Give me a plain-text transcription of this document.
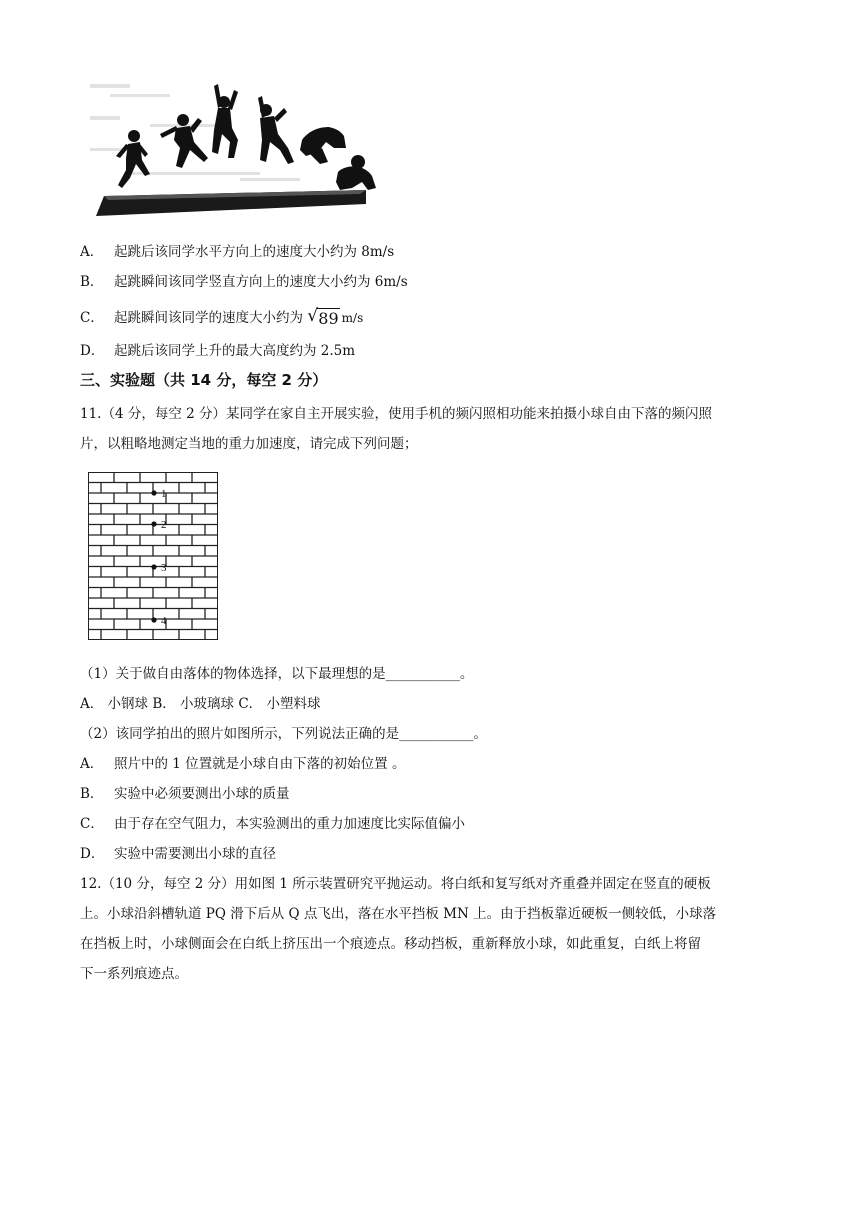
A． 起跳后该同学水平方向上的速度大小约为 8m/s
B． 起跳瞬间该同学竖直方向上的速度大小约为 6m/s
C． 起跳瞬间该同学的速度大小约为 √ 89 m/s
D． 起跳后该同学上升的最大高度约为 2.5m
三、实验题（共 14 分，每空 2 分）
11.（4 分，每空 2 分）某同学在家自主开展实验，使用手机的频闪照相功能来拍摄小球自由下落的频闪照
片，以粗略地测定当地的重力加速度，请完成下列问题；
1
2
3
4
（1）关于做自由落体的物体选择，以下最理想的是___________。
A． 小钢球 B． 小玻璃球 C． 小塑料球
（2）该同学拍出的照片如图所示，下列说法正确的是___________。
A． 照片中的 1 位置就是小球自由下落的初始位置 。
B． 实验中必须要测出小球的质量
C． 由于存在空气阻力，本实验测出的重力加速度比实际值偏小
D． 实验中需要测出小球的直径
12.（10 分，每空 2 分）用如图 1 所示装置研究平抛运动。将白纸和复写纸对齐重叠并固定在竖直的硬板
上。小球沿斜槽轨道 PQ 滑下后从 Q 点飞出，落在水平挡板 MN 上。由于挡板靠近硬板一侧较低，小球落
在挡板上时，小球侧面会在白纸上挤压出一个痕迹点。移动挡板，重新释放小球，如此重复，白纸上将留
下一系列痕迹点。
